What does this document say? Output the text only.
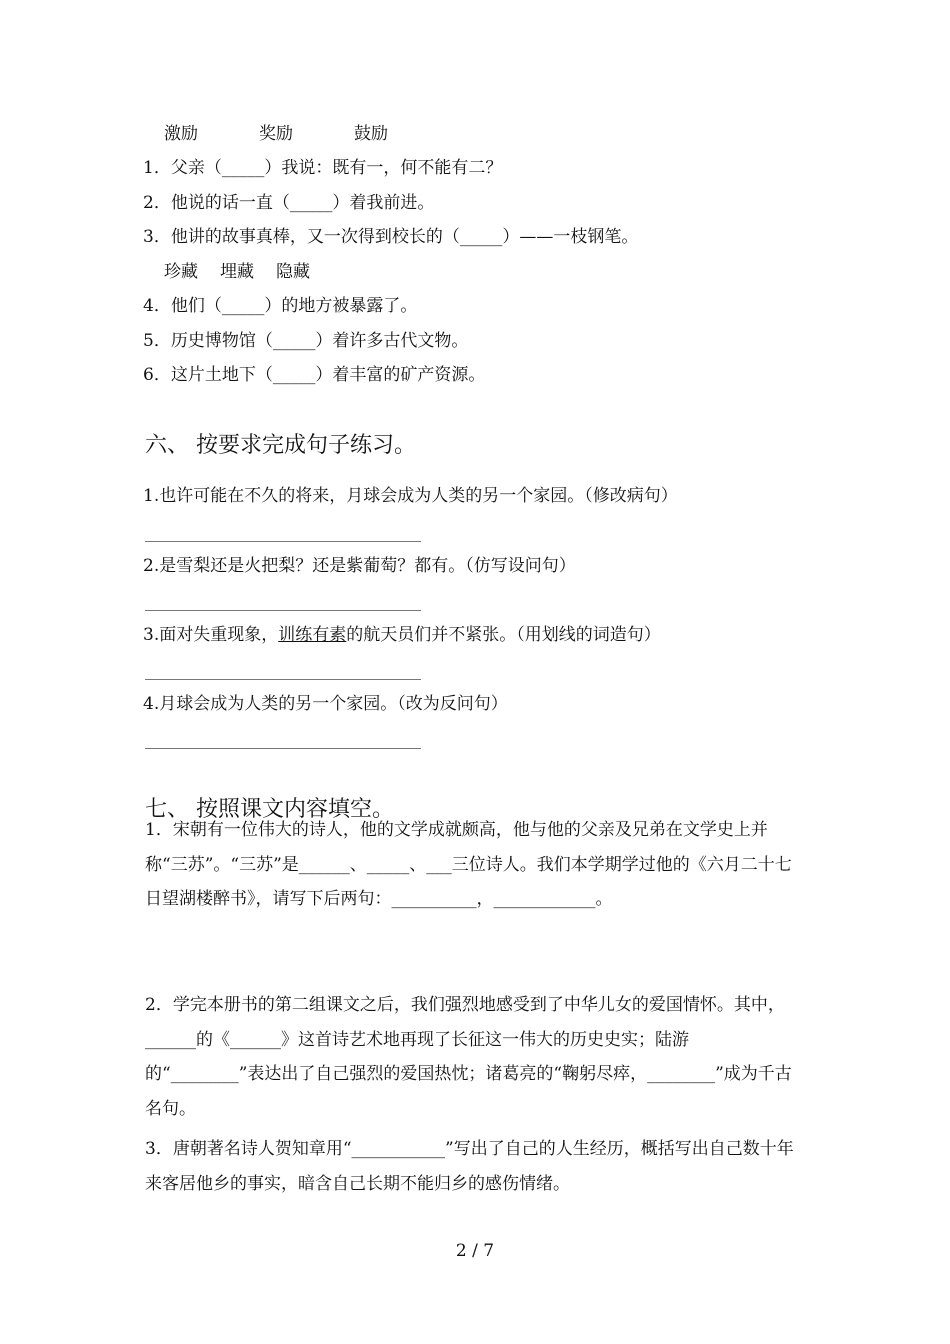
激励	奖励	鼓励
1．父亲（_____）我说：既有一，何不能有二？
2．他说的话一直（_____）着我前进。
3．他讲的故事真棒，又一次得到校长的（_____）——一枝钢笔。
珍藏 埋藏 隐藏
4．他们（_____）的地方被暴露了。
5．历史博物馆（_____）着许多古代文物。
6．这片土地下（_____）着丰富的矿产资源。
六、 按要求完成句子练习。
1.也许可能在不久的将来，月球会成为人类的另一个家园。（修改病句）
2.是雪梨还是火把梨？还是紫葡萄？都有。（仿写设问句）
3.面对失重现象，训练有素的航天员们并不紧张。（用划线的词造句）
4.月球会成为人类的另一个家园。（改为反问句）
七、 按照课文内容填空。
1．宋朝有一位伟大的诗人，他的文学成就颇高，他与他的父亲及兄弟在文学史上并称“三苏”。“三苏”是______、_____、___三位诗人。我们本学期学过他的《六月二十七日望湖楼醉书》，请写下后两句：__________，____________。
2．学完本册书的第二组课文之后，我们强烈地感受到了中华儿女的爱国情怀。其中，______的《______》这首诗艺术地再现了长征这一伟大的历史史实；陆游的“________”表达出了自己强烈的爱国热忱；诸葛亮的“鞠躬尽瘁，________”成为千古名句。
3．唐朝著名诗人贺知章用“___________”写出了自己的人生经历，概括写出自己数十年来客居他乡的事实，暗含自己长期不能归乡的感伤情绪。
2 / 7
